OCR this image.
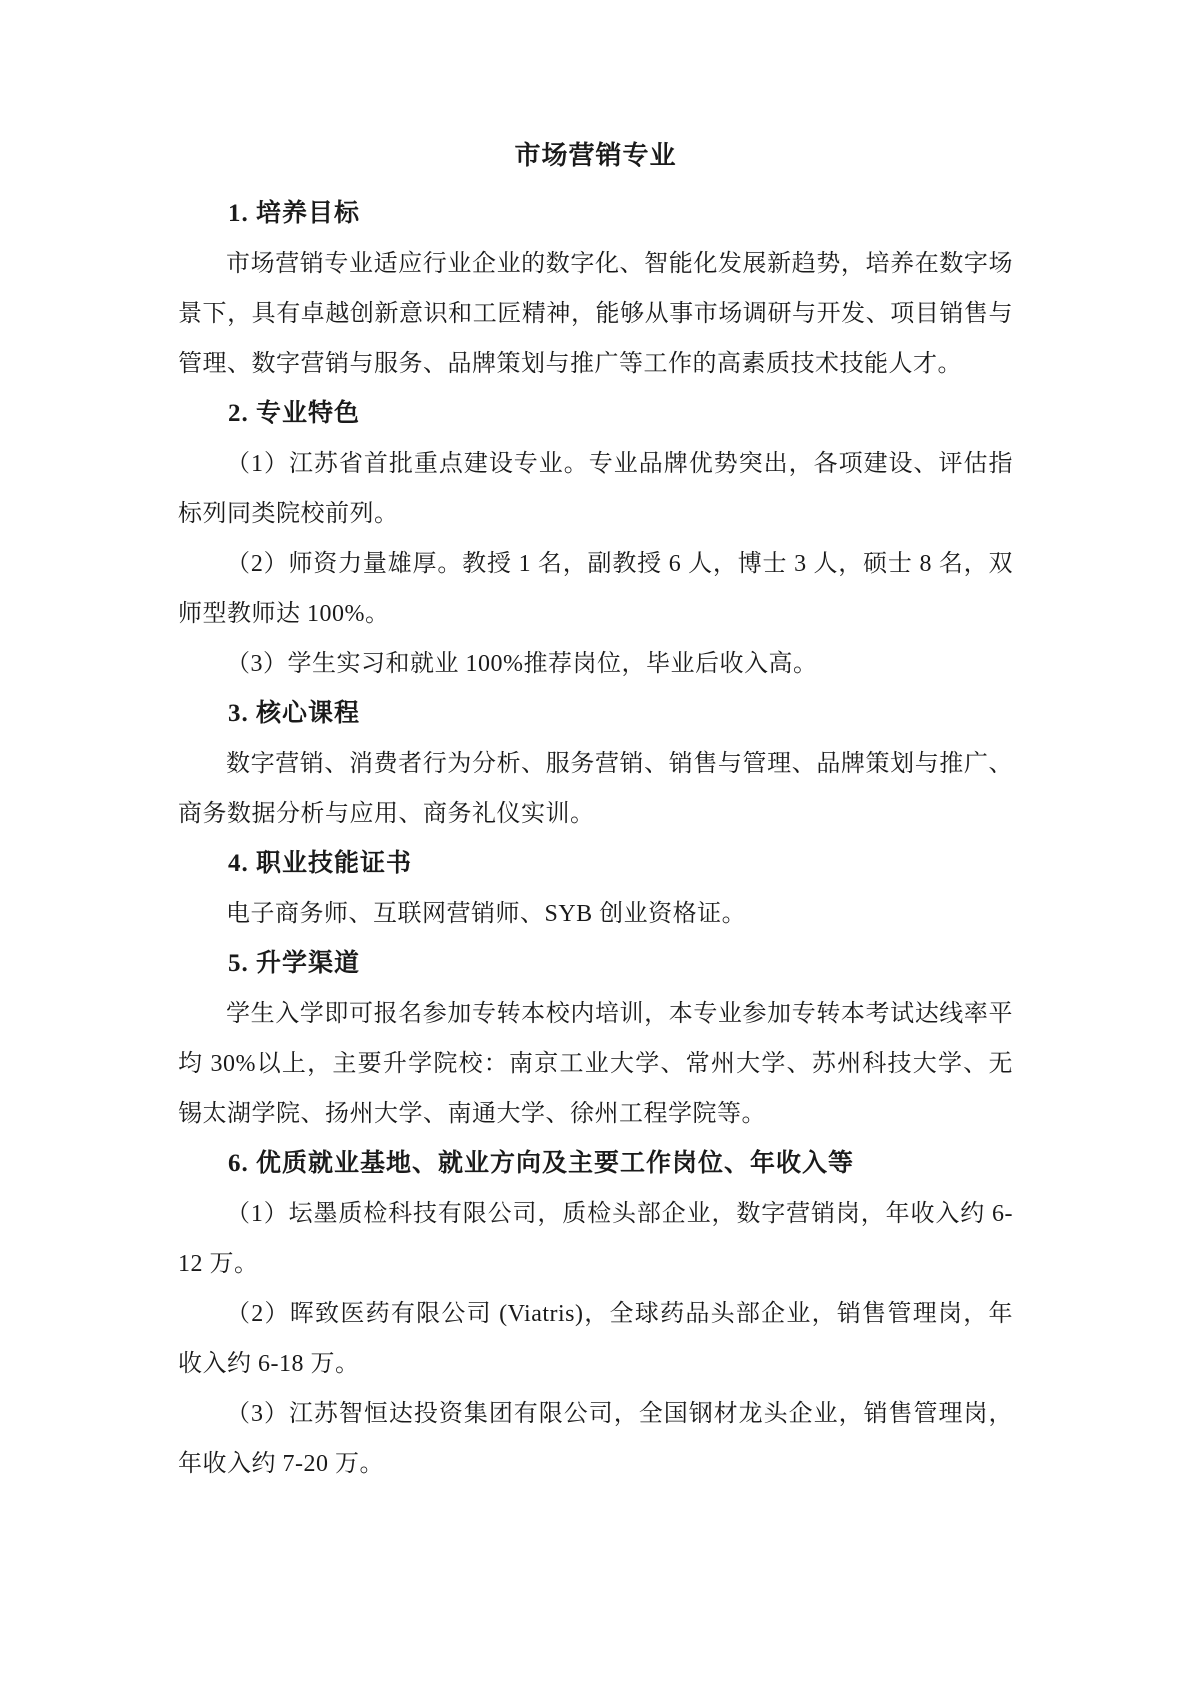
市场营销专业
1. 培养目标

市场营销专业适应行业企业的数字化、智能化发展新趋势，培养在数字场景下，具有卓越创新意识和工匠精神，能够从事市场调研与开发、项目销售与管理、数字营销与服务、品牌策划与推广等工作的高素质技术技能人才。

2. 专业特色

（1）江苏省首批重点建设专业。专业品牌优势突出，各项建设、评估指标列同类院校前列。

（2）师资力量雄厚。教授 1 名，副教授 6 人，博士 3 人，硕士 8 名，双师型教师达 100%。

（3）学生实习和就业 100%推荐岗位，毕业后收入高。

3. 核心课程

数字营销、消费者行为分析、服务营销、销售与管理、品牌策划与推广、商务数据分析与应用、商务礼仪实训。

4. 职业技能证书

电子商务师、互联网营销师、SYB 创业资格证。

5. 升学渠道

学生入学即可报名参加专转本校内培训，本专业参加专转本考试达线率平均 30%以上，主要升学院校：南京工业大学、常州大学、苏州科技大学、无锡太湖学院、扬州大学、南通大学、徐州工程学院等。

6. 优质就业基地、就业方向及主要工作岗位、年收入等

（1）坛墨质检科技有限公司，质检头部企业，数字营销岗，年收入约 6-12 万。

（2）晖致医药有限公司 (Viatris)，全球药品头部企业，销售管理岗，年收入约 6-18 万。

（3）江苏智恒达投资集团有限公司，全国钢材龙头企业，销售管理岗，年收入约 7-20 万。
